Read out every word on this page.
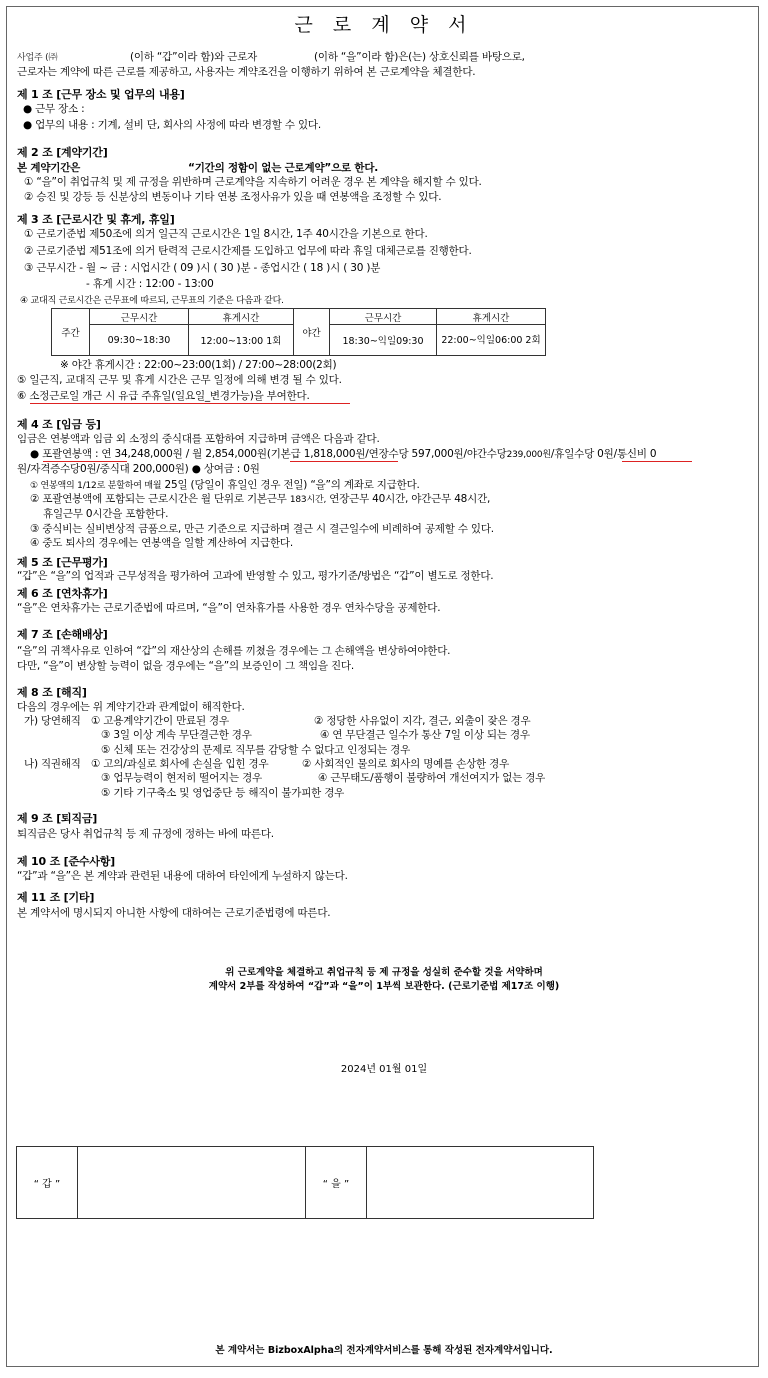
근 로 계 약 서
사업주 (㈜	(이하 “갑”이라 함)와 근로자	(이하 “을”이라 함)은(는) 상호신뢰를 바탕으로,
근로자는 계약에 따른 근로를 제공하고, 사용자는 계약조건을 이행하기 위하여 본 근로계약을 체결한다.
제 1 조 [근무 장소 및 업무의 내용]
● 근무 장소 :
● 업무의 내용 : 기계, 설비 단, 회사의 사정에 따라 변경할 수 있다.
제 2 조 [계약기간]
본 계약기간은	“기간의 정함이 없는 근로계약”으로 한다.
① “을”이 취업규칙 및 제 규정을 위반하며 근로계약을 지속하기 어려운 경우 본 계약을 해지할 수 있다.
② 승진 및 강등 등 신분상의 변동이나 기타 연봉 조정사유가 있을 때 연봉액을 조정할 수 있다.
제 3 조 [근로시간 및 휴게, 휴일]
① 근로기준법 제50조에 의거 일근직 근로시간은 1일 8시간, 1주 40시간을 기본으로 한다.
② 근로기준법 제51조에 의거 탄력적 근로시간제를 도입하고 업무에 따라 휴일 대체근로를 진행한다.
③ 근무시간 - 월 ~ 금 : 시업시간 ( 09 )시 ( 30 )분 - 종업시간 ( 18 )시 ( 30 )분
- 휴게 시간 : 12:00 - 13:00
④ 교대직 근로시간은 근무표에 따르되, 근무표의 기준은 다음과 같다.
주간	근무시간	휴게시간	야간	근무시간	휴게시간
	09:30~18:30	12:00~13:00 1회		18:30~익일09:30	22:00~익일06:00 2회
※ 야간 휴게시간 : 22:00~23:00(1회) / 27:00~28:00(2회)
⑤ 일근직, 교대직 근무 및 휴게 시간은 근무 일정에 의해 변경 될 수 있다.
⑥ 소정근로일 개근 시 유급 주휴일(일요일_변경가능)을 부여한다.
제 4 조 [임금 등]
임금은 연봉액과 임금 외 소정의 중식대를 포함하여 지급하며 금액은 다음과 같다.
● 포괄연봉액 : 연 34,248,000원 / 월 2,854,000원(기본급 1,818,000원/연장수당 597,000원/야간수당239,000원/휴일수당 0원/통신비 0
원/자격증수당0원/중식대 200,000원) ● 상여금 : 0원
① 연봉액의 1/12로 분할하여 매월 25일 (당일이 휴일인 경우 전일) “을”의 계좌로 지급한다.
② 포괄연봉액에 포함되는 근로시간은 월 단위로 기본근무 183시간, 연장근무 40시간, 야간근무 48시간,
휴일근무 0시간을 포함한다.
③ 중식비는 실비변상적 금품으로, 만근 기준으로 지급하며 결근 시 결근일수에 비례하여 공제할 수 있다.
④ 중도 퇴사의 경우에는 연봉액을 일할 계산하여 지급한다.
제 5 조 [근무평가]
“갑”은 “을”의 업적과 근무성적을 평가하여 고과에 반영할 수 있고, 평가기준/방법은 “갑”이 별도로 정한다.
제 6 조 [연차휴가]
“을”은 연차휴가는 근로기준법에 따르며, “을”이 연차휴가를 사용한 경우 연차수당을 공제한다.
제 7 조 [손해배상]
“을”의 귀책사유로 인하여 “갑”의 재산상의 손해를 끼쳤을 경우에는 그 손해액을 변상하여야한다.
다만, “을”이 변상할 능력이 없을 경우에는 “을”의 보증인이 그 책임을 진다.
제 8 조 [해직]
다음의 경우에는 위 계약기간과 관계없이 해직한다.
가) 당연해직 ① 고용계약기간이 만료된 경우	② 정당한 사유없이 지각, 결근, 외출이 잦은 경우
③ 3일 이상 계속 무단결근한 경우	④ 연 무단결근 일수가 통산 7일 이상 되는 경우
⑤ 신체 또는 건강상의 문제로 직무를 감당할 수 없다고 인정되는 경우
나) 직권해직 ① 고의/과실로 회사에 손실을 입힌 경우	② 사회적인 물의로 회사의 명예를 손상한 경우
③ 업무능력이 현저히 떨어지는 경우	④ 근무태도/품행이 불량하여 개선여지가 없는 경우
⑤ 기타 기구축소 및 영업중단 등 해직이 불가피한 경우
제 9 조 [퇴직금]
퇴직금은 당사 취업규칙 등 제 규정에 정하는 바에 따른다.
제 10 조 [준수사항]
“갑”과 “을”은 본 계약과 관련된 내용에 대하여 타인에게 누설하지 않는다.
제 11 조 [기타]
본 계약서에 명시되지 아니한 사항에 대하여는 근로기준법령에 따른다.
위 근로계약을 체결하고 취업규칙 등 제 규정을 성실히 준수할 것을 서약하며
계약서 2부를 작성하여 “갑”과 “을”이 1부씩 보관한다. (근로기준법 제17조 이행)
2024년 01월 01일
“ 갑 ”		“ 을 ”	
본 계약서는 BizboxAlpha의 전자계약서비스를 통해 작성된 전자계약서입니다.
